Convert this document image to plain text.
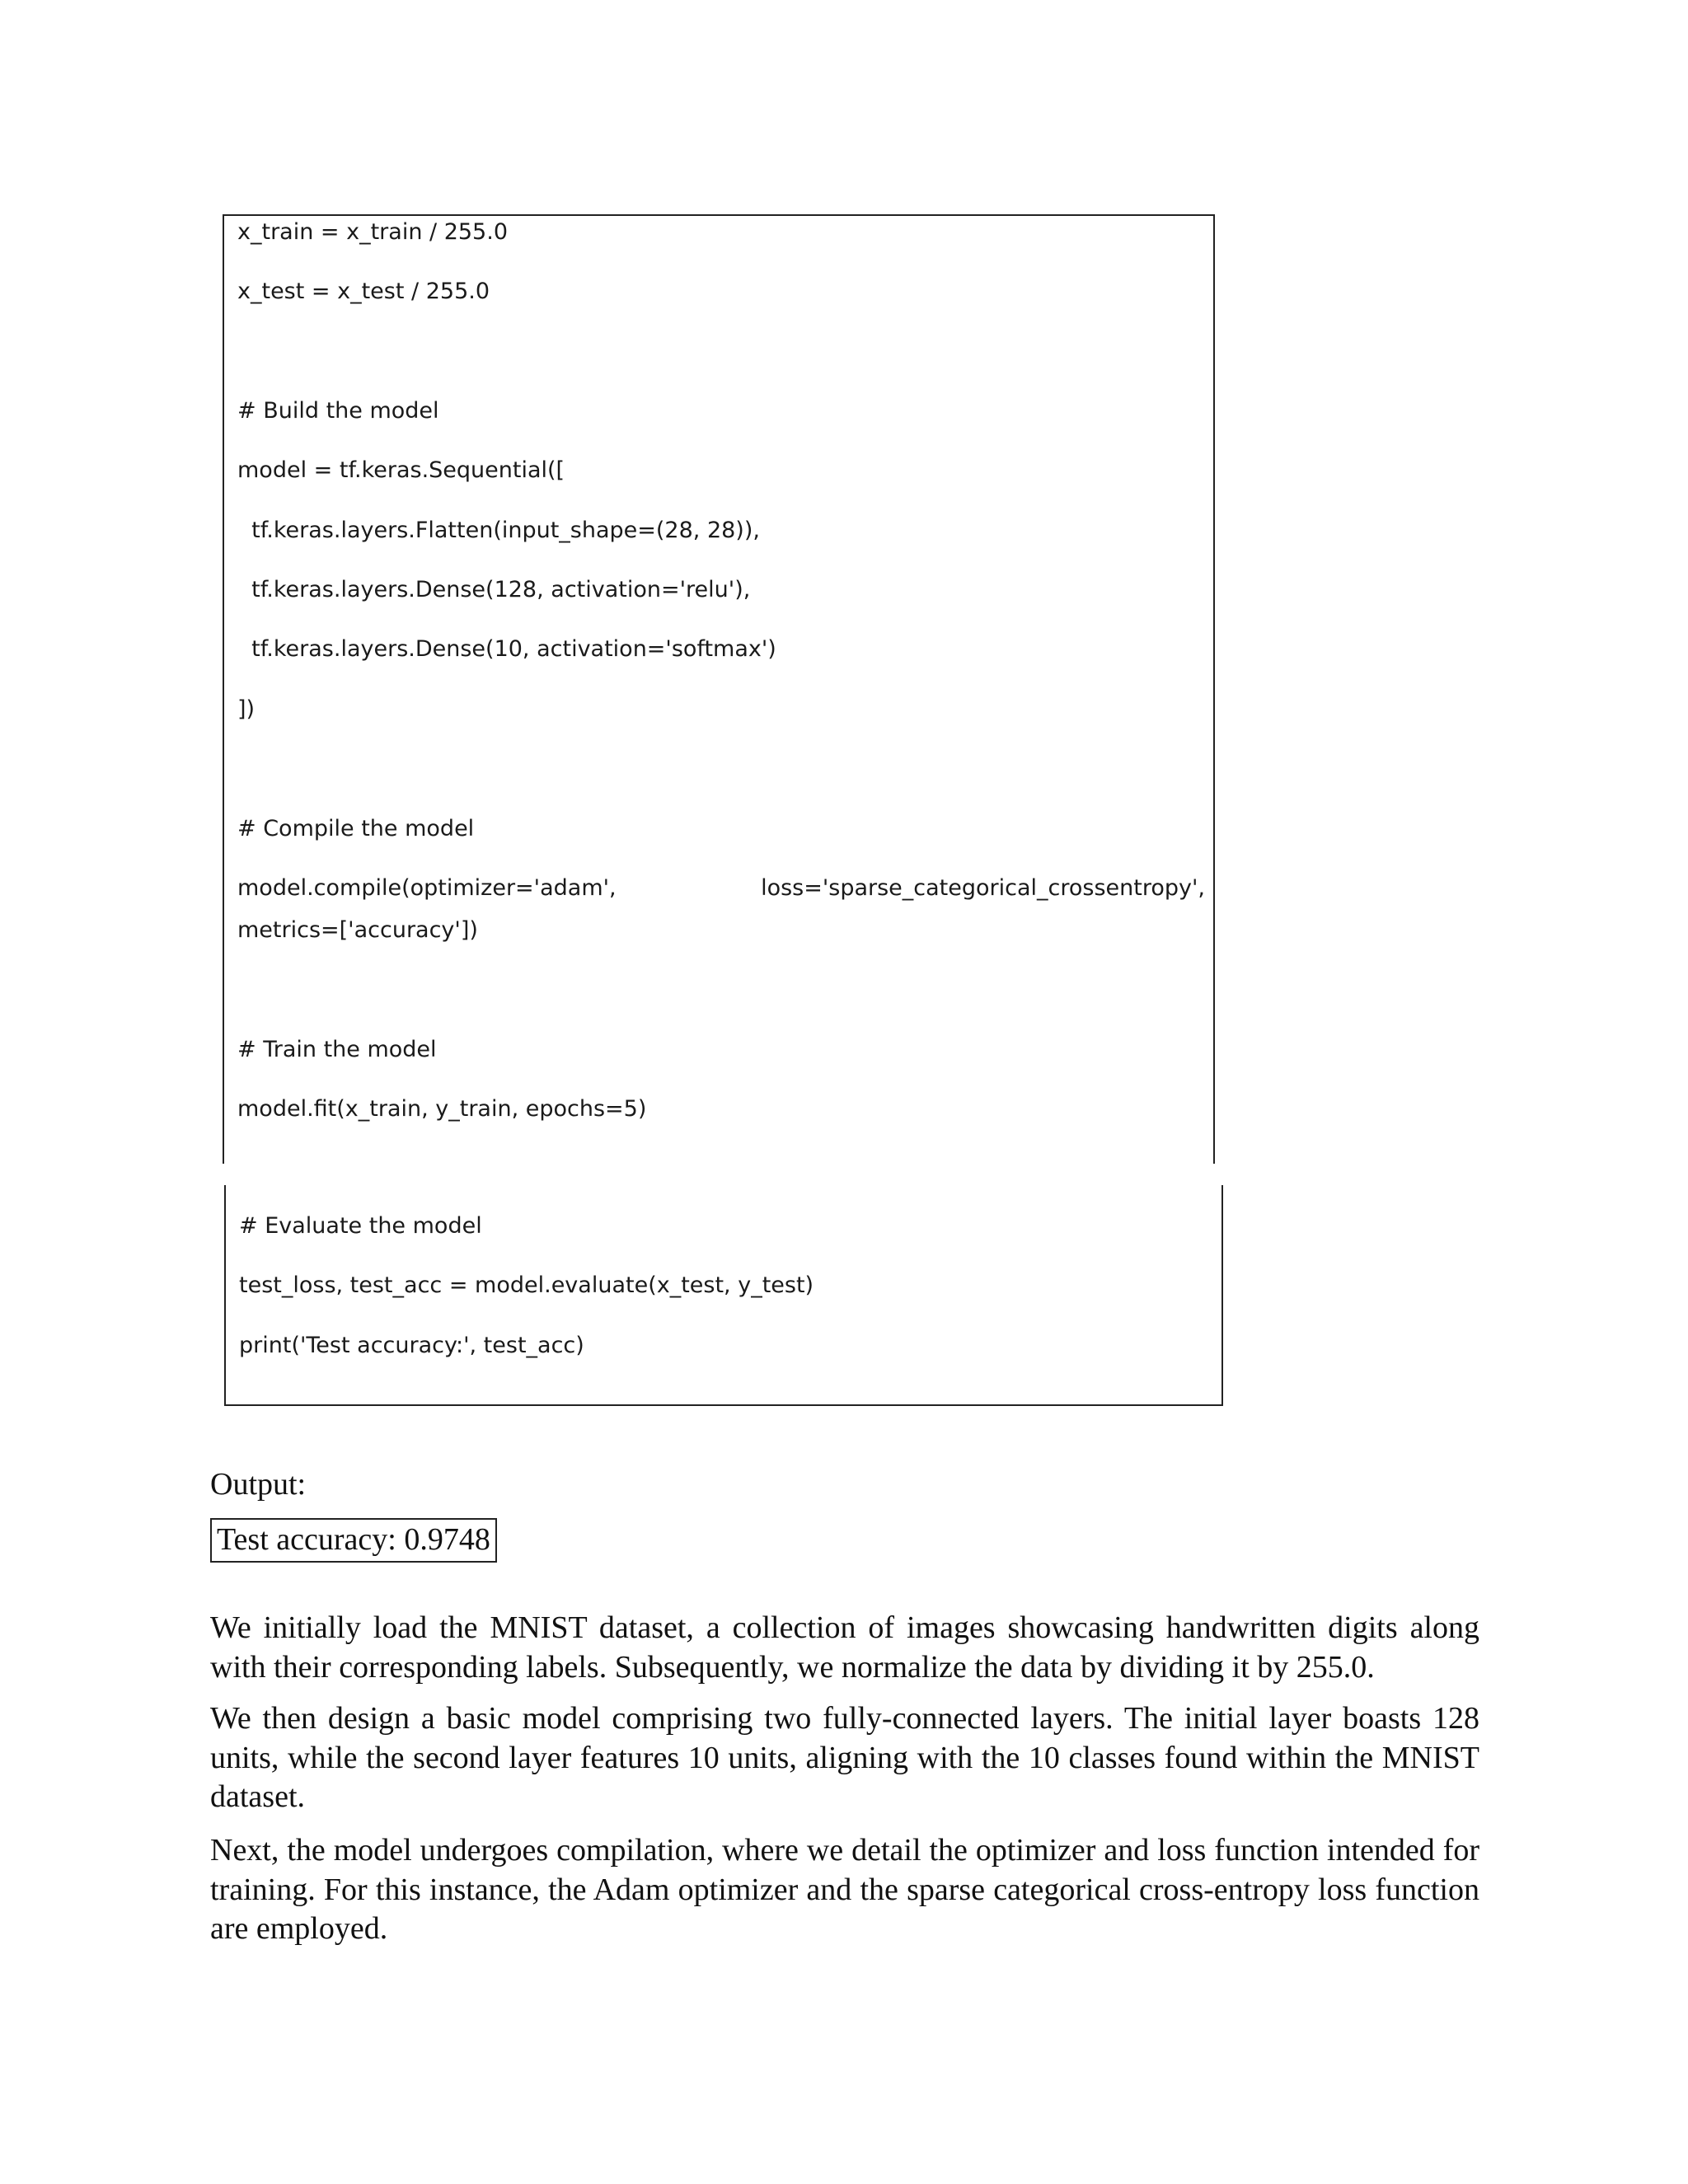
x_train = x_train / 255.0
x_test = x_test / 255.0
# Build the model
model = tf.keras.Sequential([
tf.keras.layers.Flatten(input_shape=(28, 28)),
tf.keras.layers.Dense(128, activation='relu'),
tf.keras.layers.Dense(10, activation='softmax')
])
# Compile the model
model.compile(optimizer='adam',	loss='sparse_categorical_crossentropy',
metrics=['accuracy'])
# Train the model
model.fit(x_train, y_train, epochs=5)
# Evaluate the model
test_loss, test_acc = model.evaluate(x_test, y_test)
print('Test accuracy:', test_acc)
Output:
Test accuracy: 0.9748

We initially load the MNIST dataset, a collection of images showcasing handwritten digits along with their corresponding labels. Subsequently, we normalize the data by dividing it by 255.0.

We then design a basic model comprising two fully-connected layers. The initial layer boasts 128 units, while the second layer features 10 units, aligning with the 10 classes found within the MNIST dataset.

Next, the model undergoes compilation, where we detail the optimizer and loss function intended for training. For this instance, the Adam optimizer and the sparse categorical cross-entropy loss function are employed.
